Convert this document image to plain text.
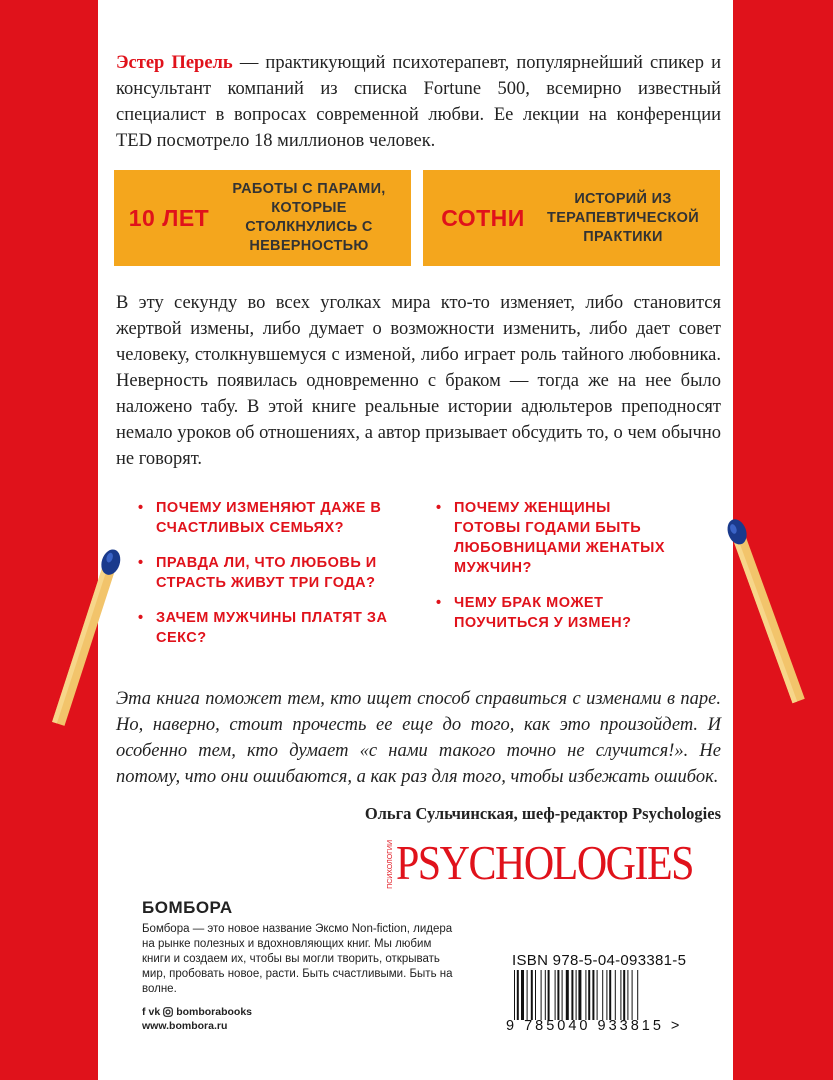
Эстер Перель — практикующий психотерапевт, популярнейший спикер и консультант компаний из списка Fortune 500, всемирно известный специалист в вопросах современной любви. Ее лекции на конференции TED посмотрело 18 миллионов человек.
10 ЛЕТ
РАБОТЫ С ПАРАМИ, КОТОРЫЕ СТОЛКНУЛИСЬ С НЕВЕРНОСТЬЮ
СОТНИ
ИСТОРИЙ ИЗ ТЕРАПЕВТИЧЕСКОЙ ПРАКТИКИ
В эту секунду во всех уголках мира кто-то изменяет, либо становится жертвой измены, либо думает о возможности изменить, либо дает совет человеку, столкнувшемуся с изменой, либо играет роль тайного любовника. Неверность появилась одновременно с браком — тогда же на нее было наложено табу. В этой книге реальные истории адюльтеров преподносят немало уроков об отношениях, а автор призывает обсудить то, о чем обычно не говорят.
• ПОЧЕМУ ИЗМЕНЯЮТ ДАЖЕ В СЧАСТЛИВЫХ СЕМЬЯХ?
• ПРАВДА ЛИ, ЧТО ЛЮБОВЬ И СТРАСТЬ ЖИВУТ ТРИ ГОДА?
• ЗАЧЕМ МУЖЧИНЫ ПЛАТЯТ ЗА СЕКС?
• ПОЧЕМУ ЖЕНЩИНЫ ГОТОВЫ ГОДАМИ БЫТЬ ЛЮБОВНИЦАМИ ЖЕНАТЫХ МУЖЧИН?
• ЧЕМУ БРАК МОЖЕТ ПОУЧИТЬСЯ У ИЗМЕН?
Эта книга поможет тем, кто ищет способ справиться с изменами в паре. Но, наверно, стоит прочесть ее еще до того, как это произойдет. И особенно тем, кто думает «с нами такого точно не случится!». Не потому, что они ошибаются, а как раз для того, чтобы избежать ошибок.
Ольга Сульчинская, шеф-редактор Psychologies
ПСИХОЛОГИИ PSYCHOLOGIES
БОМБОРА
Бомбора — это новое название Эксмо Non-fiction, лидера на рынке полезных и вдохновляющих книг. Мы любим книги и создаем их, чтобы вы могли творить, открывать мир, пробовать новое, расти. Быть счастливыми. Быть на волне.
f vk bomborabooks
www.bombora.ru
ISBN 978-5-04-093381-5
9 785040 933815 >
